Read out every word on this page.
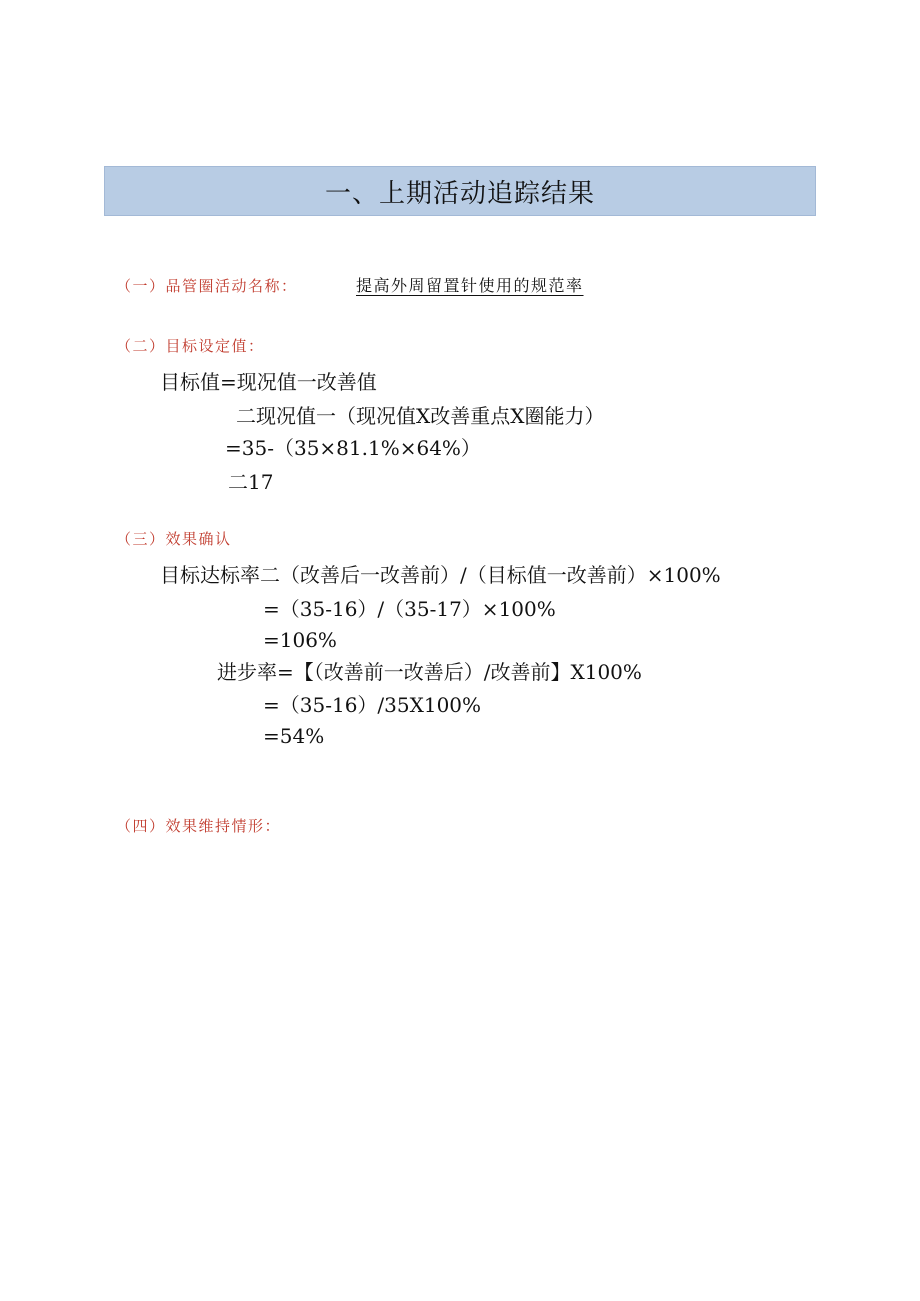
一、上期活动追踪结果
（一）品管圈活动名称：	提高外周留置针使用的规范率
（二）目标设定值：
目标值=现况值一改善值
二现况值一（现况值X改善重点X圈能力）
=35-（35×81.1%×64%）
二17
（三）效果确认
目标达标率二（改善后一改善前）/（目标值一改善前）×100%
=（35-16）/（35-17）×100%
=106%
进步率=【（改善前一改善后）/改善前】X100%
=（35-16）/35X100%
=54%
（四）效果维持情形：
